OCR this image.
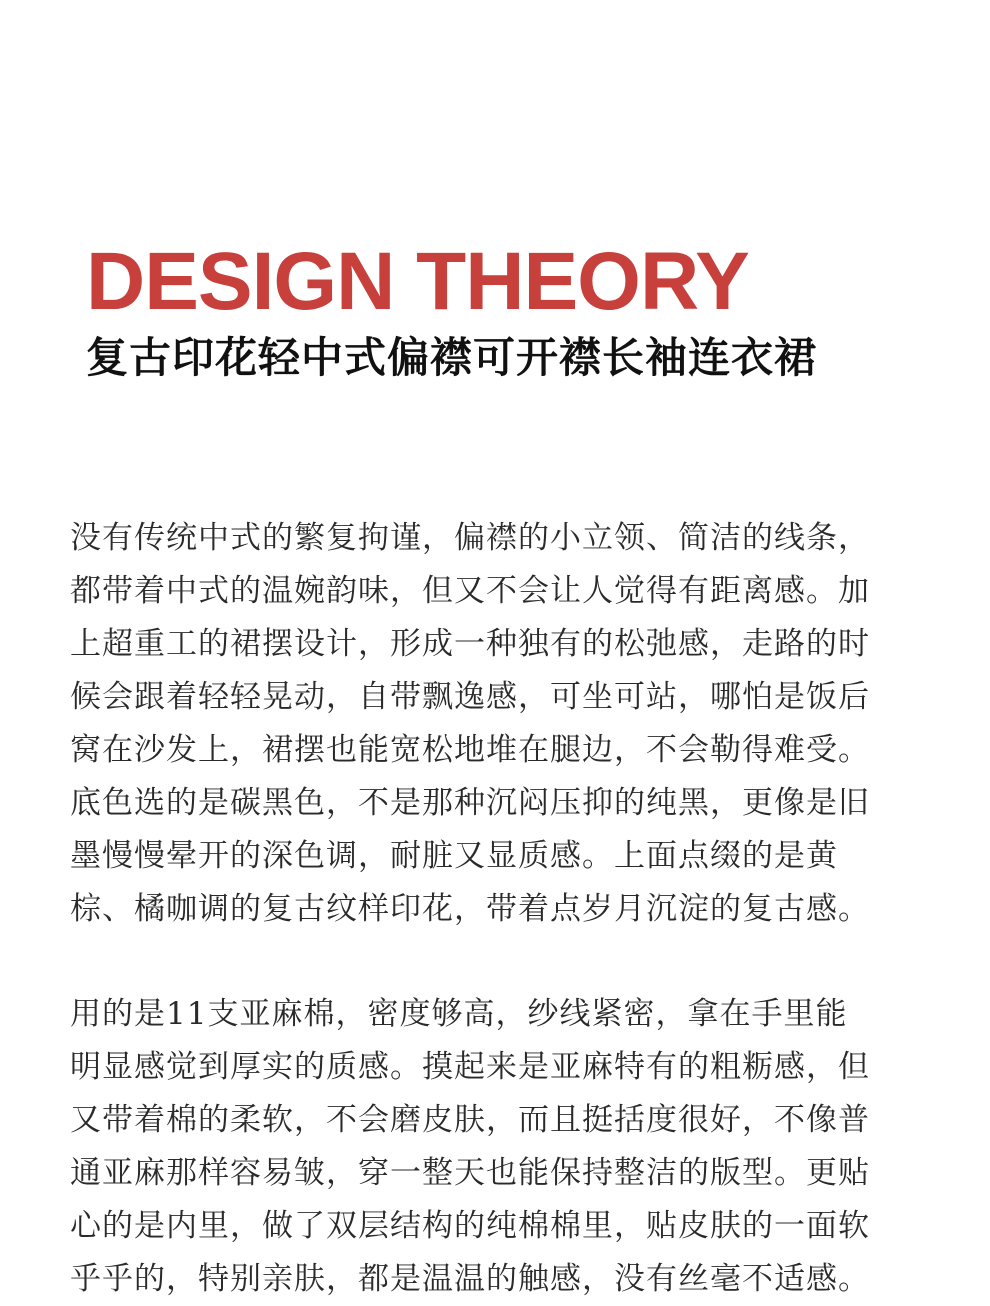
DESIGN THEORY
复古印花轻中式偏襟可开襟长袖连衣裙

没有传统中式的繁复拘谨，偏襟的小立领、简洁的线条，
都带着中式的温婉韵味，但又不会让人觉得有距离感。加
上超重工的裙摆设计，形成一种独有的松弛感，走路的时
候会跟着轻轻晃动，自带飘逸感，可坐可站，哪怕是饭后
窝在沙发上，裙摆也能宽松地堆在腿边，不会勒得难受。
底色选的是碳黑色，不是那种沉闷压抑的纯黑，更像是旧
墨慢慢晕开的深色调，耐脏又显质感。上面点缀的是黄
棕、橘咖调的复古纹样印花，带着点岁月沉淀的复古感。

用的是11支亚麻棉，密度够高，纱线紧密，拿在手里能
明显感觉到厚实的质感。摸起来是亚麻特有的粗粝感，但
又带着棉的柔软，不会磨皮肤，而且挺括度很好，不像普
通亚麻那样容易皱，穿一整天也能保持整洁的版型。更贴
心的是内里，做了双层结构的纯棉棉里，贴皮肤的一面软
乎乎的，特别亲肤，都是温温的触感，没有丝毫不适感。
